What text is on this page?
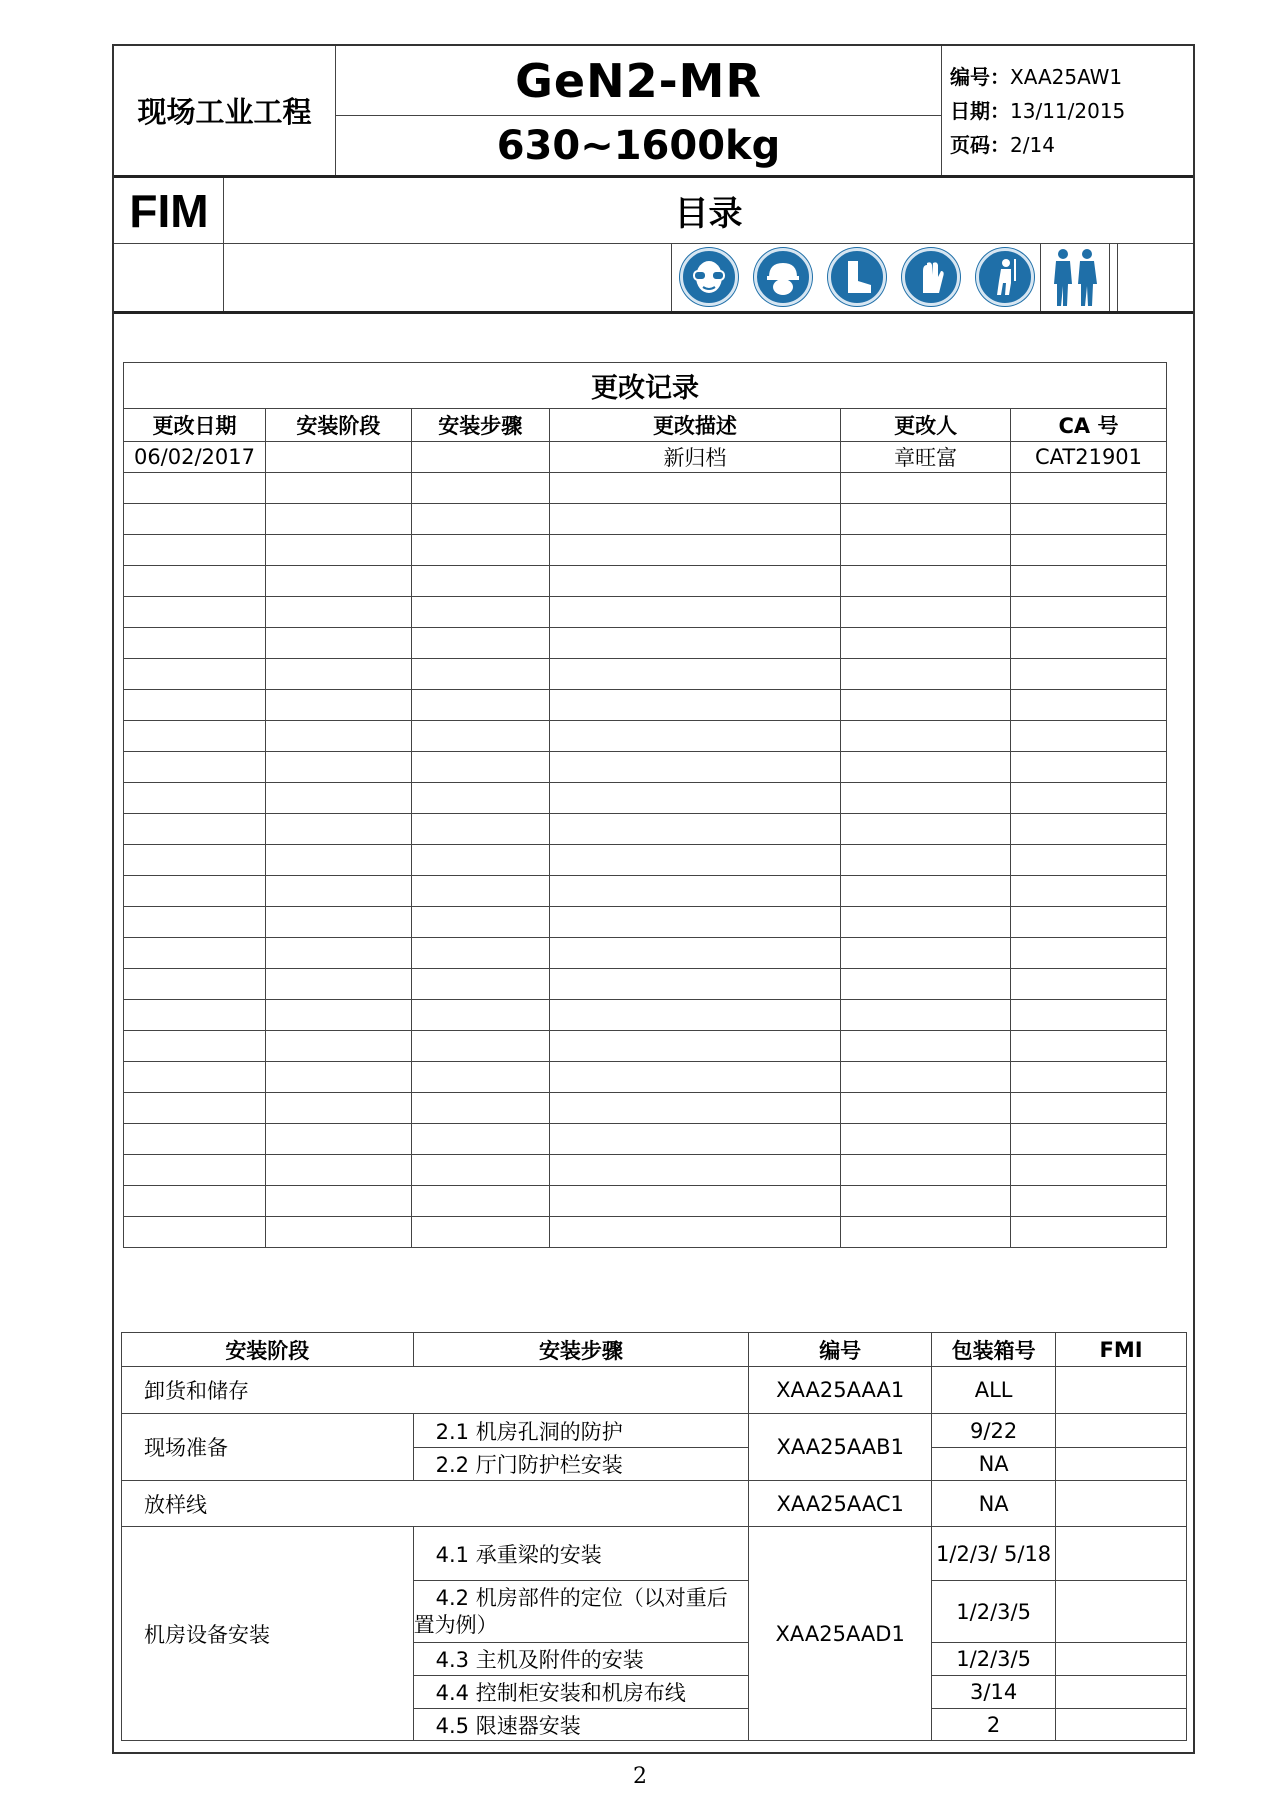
现场工业工程
GeN2-MR
630~1600kg
编号：XAA25AW1
日期：13/11/2015
页码：2/14
FIM	目录
更改记录					
更改日期	安装阶段	安装步骤	更改描述	更改人	CA 号
06/02/2017			新归档	章旺富	CAT21901

安装阶段	安装步骤	编号	包装箱号	FMI
卸货和储存		XAA25AAA1	ALL	
现场准备	2.1 机房孔洞的防护	XAA25AAB1	9/22	
	2.2 厅门防护栏安装		NA	
放样线		XAA25AAC1	NA	
机房设备安装	4.1 承重梁的安装	XAA25AAD1	1/2/3/ 5/18	
	4.2 机房部件的定位（以对重后置为例）		1/2/3/5	
	4.3 主机及附件的安装		1/2/3/5	
	4.4 控制柜安装和机房布线		3/14	
	4.5 限速器安装		2	
2
